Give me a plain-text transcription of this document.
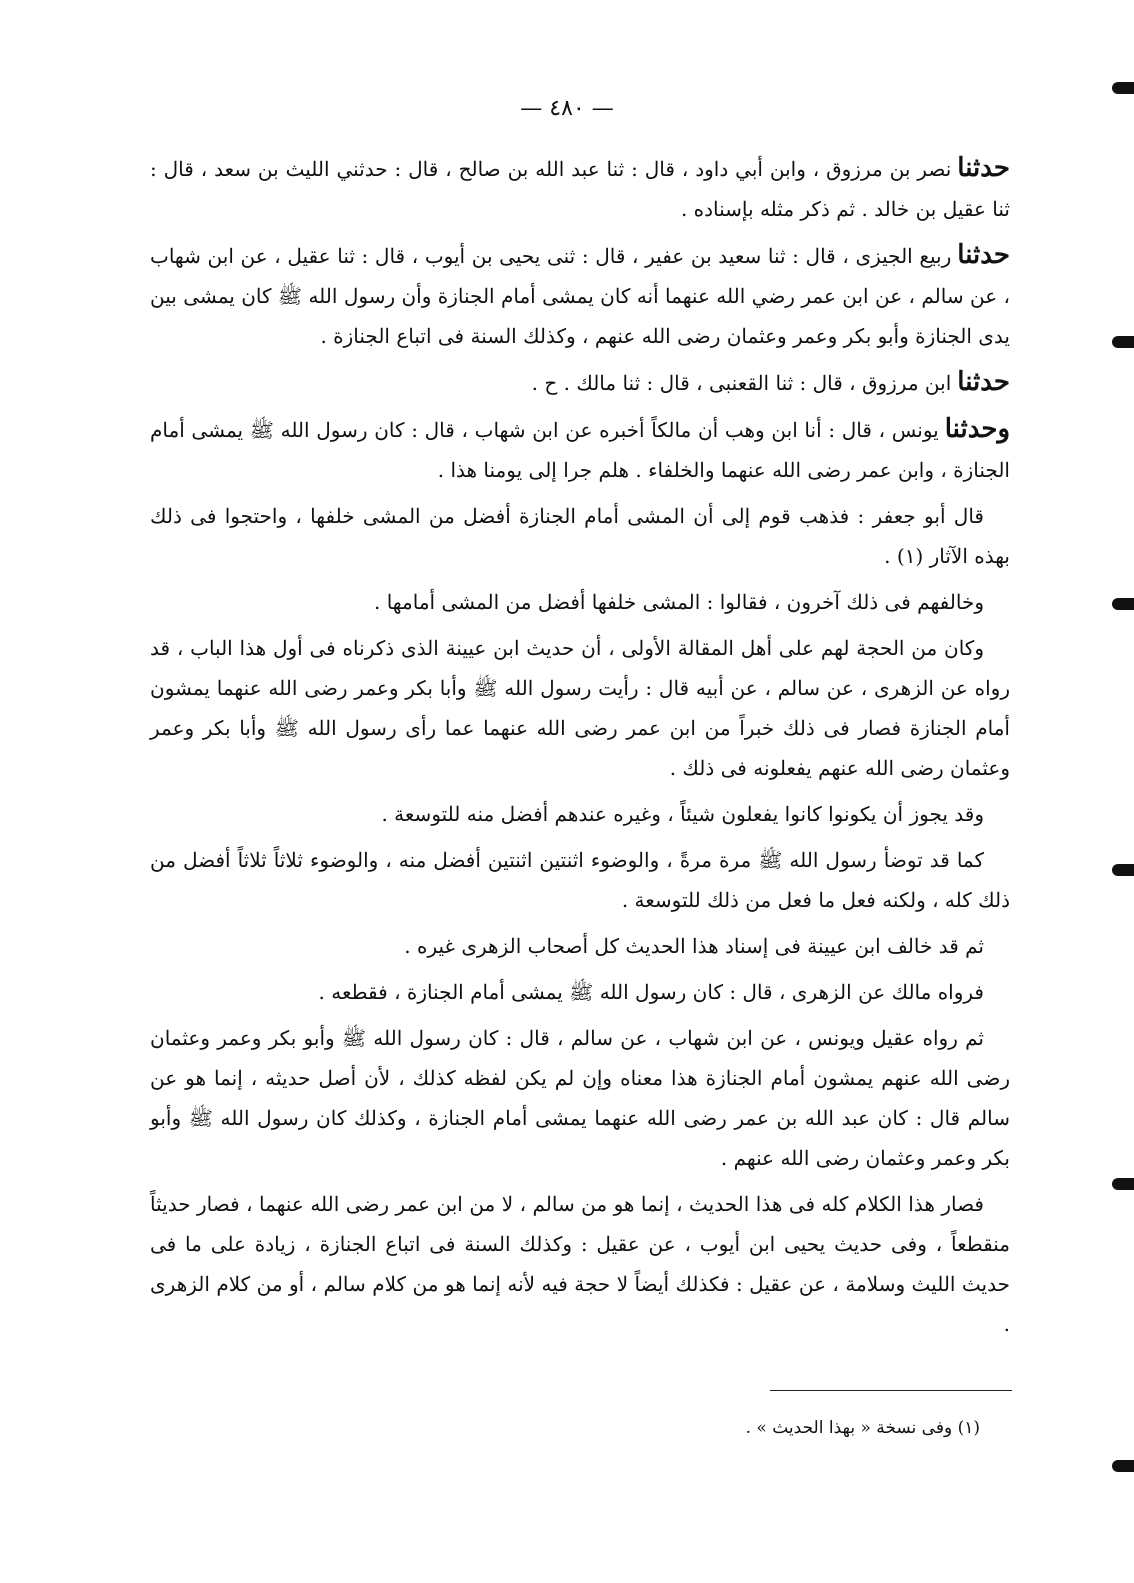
— ٤٨٠ —

حدثنانصر بن مرزوق ، وابن أبي داود ، قال : ثنا عبد الله بن صالح ، قال : حدثني الليث بن سعد ، قال : ثنا عقيل بن خالد . ثم ذكر مثله بإسناده .

حدثناربيع الجيزى ، قال : ثنا سعيد بن عفير ، قال : ثنى يحيى بن أيوب ، قال : ثنا عقيل ، عن ابن شهاب ، عن سالم ، عن ابن عمر رضي الله عنهما أنه كان يمشى أمام الجنازة وأن رسول الله ﷺ كان يمشى بين يدى الجنازة وأبو بكر وعمر وعثمان رضى الله عنهم ، وكذلك السنة فى اتباع الجنازة .

حدثناابن مرزوق ، قال : ثنا القعنبى ، قال : ثنا مالك . ح .

وحدثنايونس ، قال : أنا ابن وهب أن مالكاً أخبره عن ابن شهاب ، قال : كان رسول الله ﷺ يمشى أمام الجنازة ، وابن عمر رضى الله عنهما والخلفاء . هلم جرا إلى يومنا هذا .

قال أبو جعفر : فذهب قوم إلى أن المشى أمام الجنازة أفضل من المشى خلفها ، واحتجوا فى ذلك بهذه الآثار (١) .

وخالفهم فى ذلك آخرون ، فقالوا : المشى خلفها أفضل من المشى أمامها .

وكان من الحجة لهم على أهل المقالة الأولى ، أن حديث ابن عيينة الذى ذكرناه فى أول هذا الباب ، قد رواه عن الزهرى ، عن سالم ، عن أبيه قال : رأيت رسول الله ﷺ وأبا بكر وعمر رضى الله عنهما يمشون أمام الجنازة فصار فى ذلك خبراً من ابن عمر رضى الله عنهما عما رأى رسول الله ﷺ وأبا بكر وعمر وعثمان رضى الله عنهم يفعلونه فى ذلك .

وقد يجوز أن يكونوا كانوا يفعلون شيئاً ، وغيره عندهم أفضل منه للتوسعة .

كما قد توضأ رسول الله ﷺ مرة مرةً ، والوضوء اثنتين اثنتين أفضل منه ، والوضوء ثلاثاً ثلاثاً أفضل من ذلك كله ، ولكنه فعل ما فعل من ذلك للتوسعة .

ثم قد خالف ابن عيينة فى إسناد هذا الحديث كل أصحاب الزهرى غيره .

فرواه مالك عن الزهرى ، قال : كان رسول الله ﷺ يمشى أمام الجنازة ، فقطعه .

ثم رواه عقيل ويونس ، عن ابن شهاب ، عن سالم ، قال : كان رسول الله ﷺ وأبو بكر وعمر وعثمان رضى الله عنهم يمشون أمام الجنازة هذا معناه وإن لم يكن لفظه كذلك ، لأن أصل حديثه ، إنما هو عن سالم قال : كان عبد الله بن عمر رضى الله عنهما يمشى أمام الجنازة ، وكذلك كان رسول الله ﷺ وأبو بكر وعمر وعثمان رضى الله عنهم .

فصار هذا الكلام كله فى هذا الحديث ، إنما هو من سالم ، لا من ابن عمر رضى الله عنهما ، فصار حديثاً منقطعاً ، وفى حديث يحيى ابن أيوب ، عن عقيل : وكذلك السنة فى اتباع الجنازة ، زيادة على ما فى حديث الليث وسلامة ، عن عقيل : فكذلك أيضاً لا حجة فيه لأنه إنما هو من كلام سالم ، أو من كلام الزهرى .

(١) وفى نسخة « بهذا الحديث » .
